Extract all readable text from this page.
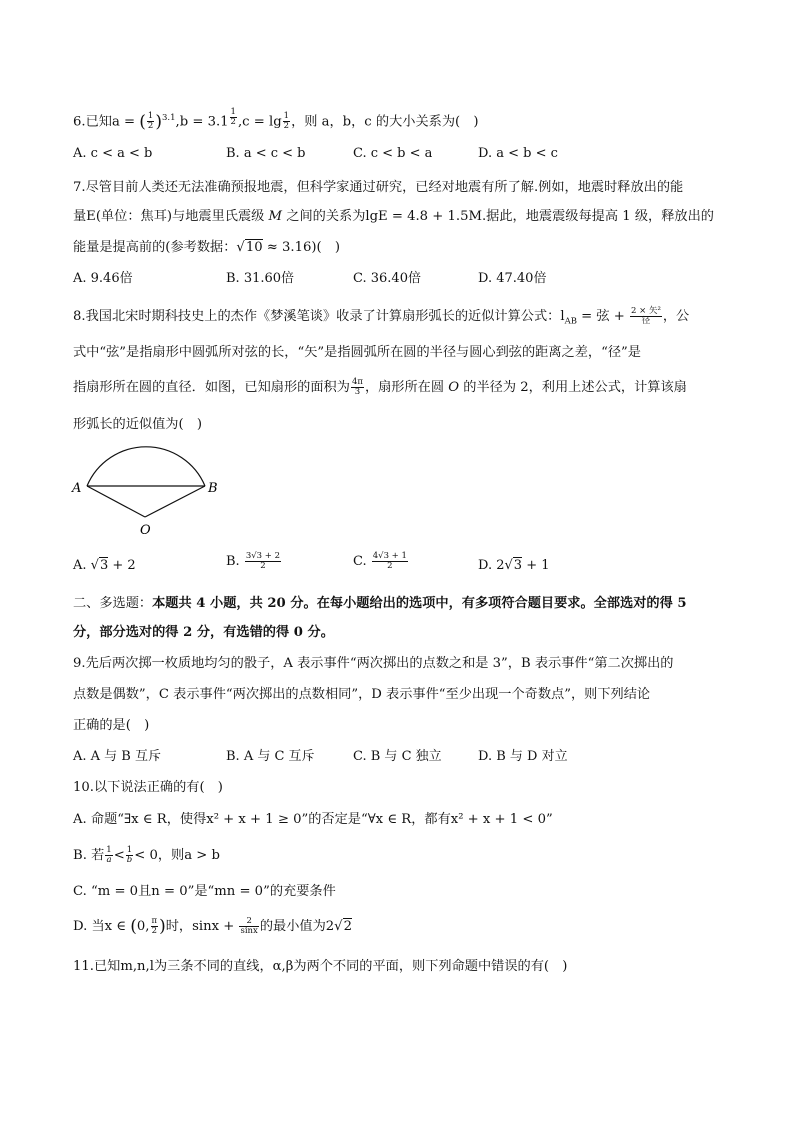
6.已知a = ( $\frac{1}{2} )^{3.1},b = 3.1$ $^{\frac{1}{2}}$ $,c = \lg \frac{1}{2}$ ，则 a，b，c 的大小关系为(　)
A. c < a < b	B. a < c < b	C. c < b < a	D. a < b < c
7.尽管目前人类还无法准确预报地震，但科学家通过研究，已经对地震有所了解.例如，地震时释放出的能
量E(单位：焦耳)与地震里氏震级 M 之间的关系为lgE = 4.8 + 1.5M.据此，地震震级每提高 1 级，释放出的
能量是提高前的(参考数据：√10 ≈ 3.16)(　)
A. 9.46倍	B. 31.60倍	C. 36.40倍	D. 47.40倍
8.我国北宋时期科技史上的杰作《梦溪笔谈》收录了计算扇形弧长的近似计算公式：$l_{AB}$ = 弦 + $\frac{\text{2 × 矢²}}{\text{径}}$ ，公
式中“弦”是指扇形中圆弧所对弦的长，“矢”是指圆弧所在圆的半径与圆心到弦的距离之差，“径”是
指扇形所在圆的直径．如图，已知扇形的面积为 $\frac{4\pi}{3}$ ，扇形所在圆 O 的半径为 2，利用上述公式，计算该扇
形弧长的近似值为(　)
A	B
O
A. √3 + 2	B. $\frac{3√3 + 2}{2}$	C. $\frac{4√3 + 1}{2}$	D. 2√3 + 1
二、多选题：本题共 4 小题，共 20 分。在每小题给出的选项中，有多项符合题目要求。全部选对的得 5
分，部分选对的得 2 分，有选错的得 0 分。
9.先后两次掷一枚质地均匀的骰子，A 表示事件“两次掷出的点数之和是 3”，B 表示事件“第二次掷出的
点数是偶数”，C 表示事件“两次掷出的点数相同”，D 表示事件“至少出现一个奇数点”，则下列结论
正确的是(　)
A. A 与 B 互斥	B. A 与 C 互斥	C. B 与 C 独立	D. B 与 D 对立
10.以下说法正确的有(　)
A. 命题“∃x ∈ R，使得x² + x + 1 ≥ 0”的否定是“∀x ∈ R，都有x² + x + 1 < 0”
B. 若 $\frac{1}{a} < \frac{1}{b} < 0$，则a > b
C. “m = 0且n = 0”是“mn = 0”的充要条件
D. 当x ∈ (0, $\frac{\pi}{2}$ )时，$\sin x + \frac{2}{\sin x}$ 的最小值为2√2
11.已知m,n,l为三条不同的直线，α,β为两个不同的平面，则下列命题中错误的有(　)
